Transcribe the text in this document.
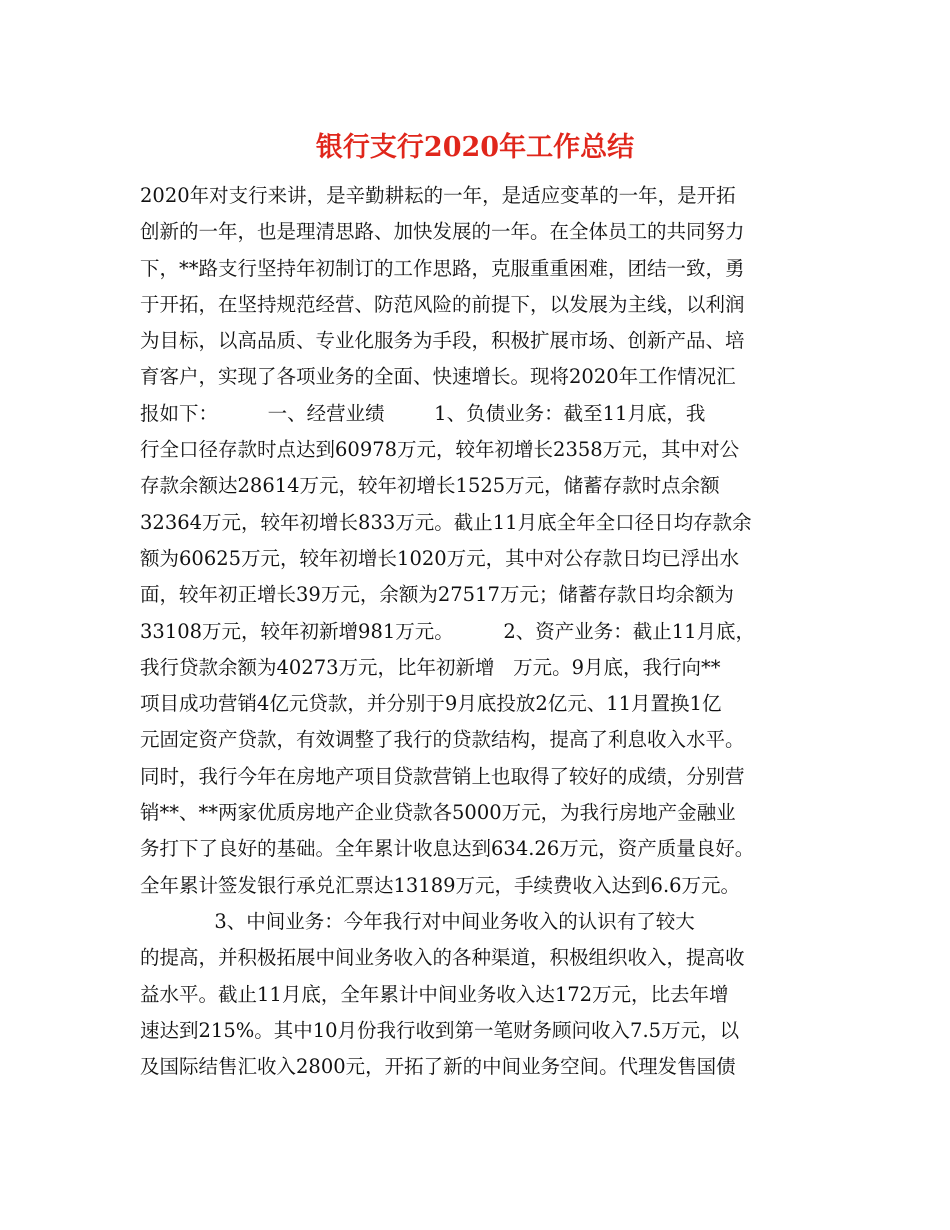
银行支行2020年工作总结
2020年对支行来讲，是辛勤耕耘的一年，是适应变革的一年，是开拓
创新的一年，也是理清思路、加快发展的一年。在全体员工的共同努力
下，**路支行坚持年初制订的工作思路，克服重重困难，团结一致，勇
于开拓，在坚持规范经营、防范风险的前提下，以发展为主线，以利润
为目标，以高品质、专业化服务为手段，积极扩展市场、创新产品、培
育客户，实现了各项业务的全面、快速增长。现将2020年工作情况汇
报如下：        一、经营业绩        1、负债业务：截至11月底，我
行全口径存款时点达到60978万元，较年初增长2358万元，其中对公
存款余额达28614万元，较年初增长1525万元，储蓄存款时点余额
32364万元，较年初增长833万元。截止11月底全年全口径日均存款余
额为60625万元，较年初增长1020万元，其中对公存款日均已浮出水
面，较年初正增长39万元，余额为27517万元；储蓄存款日均余额为
33108万元，较年初新增981万元。        2、资产业务：截止11月底，
我行贷款余额为40273万元，比年初新增   万元。9月底，我行向**
项目成功营销4亿元贷款，并分别于9月底投放2亿元、11月置换1亿
元固定资产贷款，有效调整了我行的贷款结构，提高了利息收入水平。
同时，我行今年在房地产项目贷款营销上也取得了较好的成绩，分别营
销**、**两家优质房地产企业贷款各5000万元，为我行房地产金融业
务打下了良好的基础。全年累计收息达到634.26万元，资产质量良好。
全年累计签发银行承兑汇票达13189万元，手续费收入达到6.6万元。
3、中间业务：今年我行对中间业务收入的认识有了较大
的提高，并积极拓展中间业务收入的各种渠道，积极组织收入，提高收
益水平。截止11月底，全年累计中间业务收入达172万元，比去年增
速达到215%。其中10月份我行收到第一笔财务顾问收入7.5万元，以
及国际结售汇收入2800元，开拓了新的中间业务空间。代理发售国债
